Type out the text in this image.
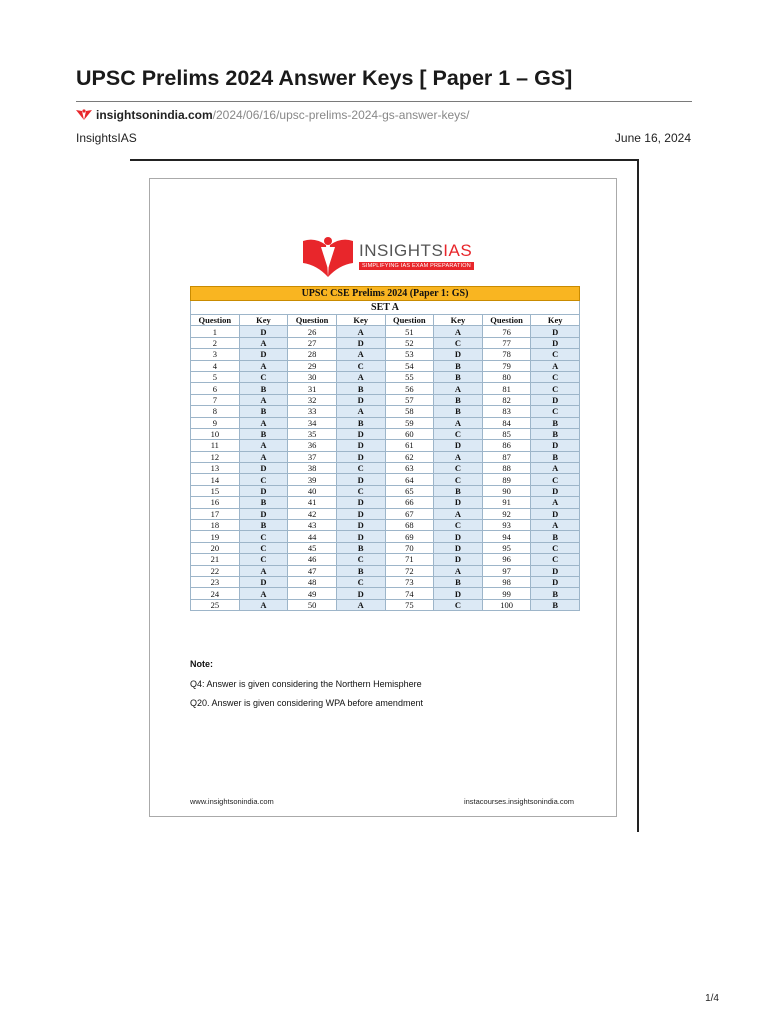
UPSC Prelims 2024 Answer Keys [ Paper 1 – GS]
insightsonindia.com /2024/06/16/upsc-prelims-2024-gs-answer-keys/
InsightsIAS	June 16, 2024
INSIGHTSIAS
SIMPLIFYING IAS EXAM PREPARATION
UPSC CSE Prelims 2024 (Paper 1: GS)							
SET A							
Question	Key	Question	Key	Question	Key	Question	Key
1	D	26	A	51	A	76	D
2	A	27	D	52	C	77	D
3	D	28	A	53	D	78	C
4	A	29	C	54	B	79	A
5	C	30	A	55	B	80	C
6	B	31	B	56	A	81	C
7	A	32	D	57	B	82	D
8	B	33	A	58	B	83	C
9	A	34	B	59	A	84	B
10	B	35	D	60	C	85	B
11	A	36	D	61	D	86	D
12	A	37	D	62	A	87	B
13	D	38	C	63	C	88	A
14	C	39	D	64	C	89	C
15	D	40	C	65	B	90	D
16	B	41	D	66	D	91	A
17	D	42	D	67	A	92	D
18	B	43	D	68	C	93	A
19	C	44	D	69	D	94	B
20	C	45	B	70	D	95	C
21	C	46	C	71	D	96	C
22	A	47	B	72	A	97	D
23	D	48	C	73	B	98	D
24	A	49	D	74	D	99	B
25	A	50	A	75	C	100	B
Note:
Q4: Answer is given considering the Northern Hemisphere
Q20. Answer is given considering WPA before amendment
www.insightsonindia.com	instacourses.insightsonindia.com
1/4
